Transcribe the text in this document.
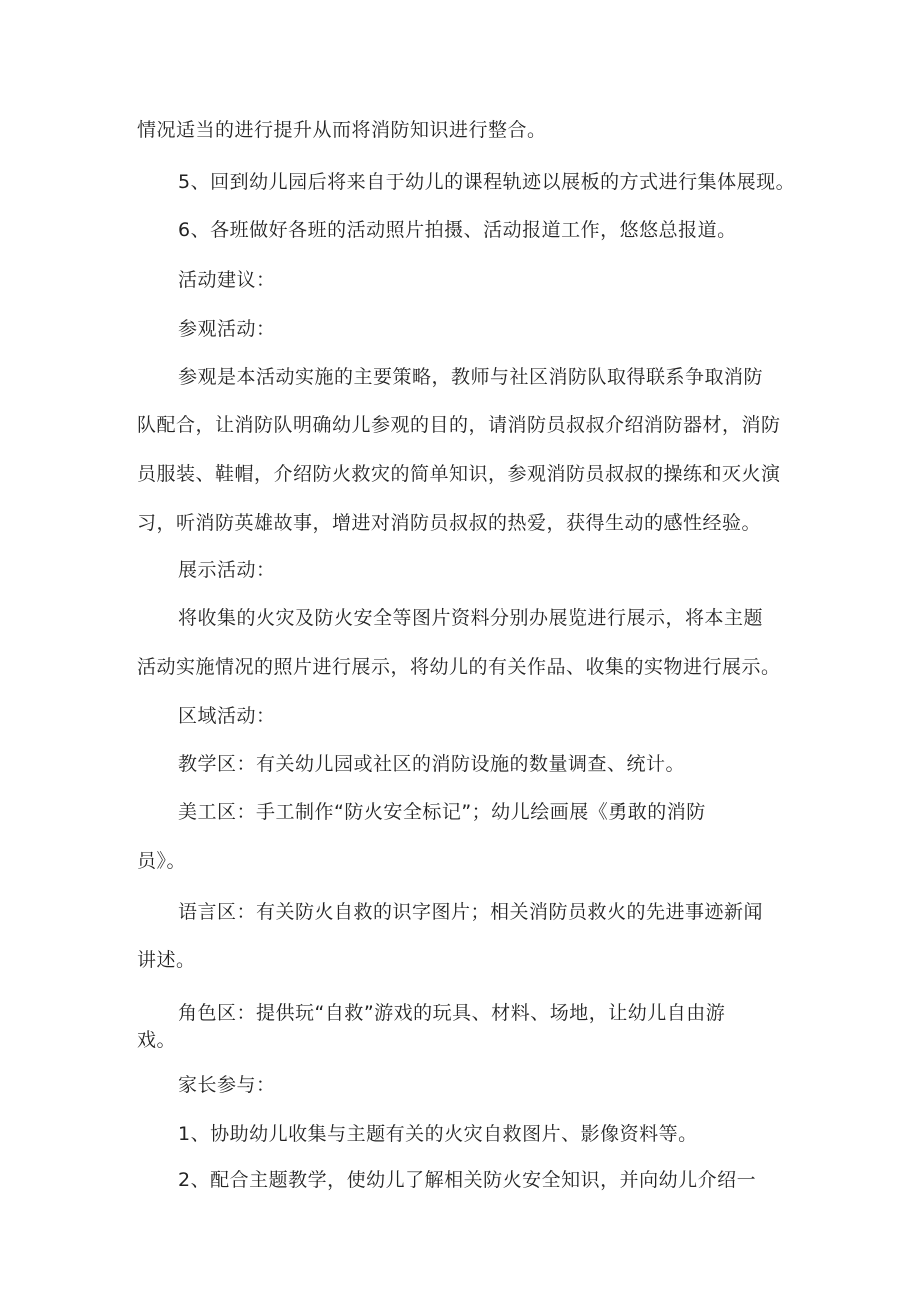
情况适当的进行提升从而将消防知识进行整合。
5、回到幼儿园后将来自于幼儿的课程轨迹以展板的方式进行集体展现。
6、各班做好各班的活动照片拍摄、活动报道工作，悠悠总报道。
活动建议：
参观活动：
参观是本活动实施的主要策略，教师与社区消防队取得联系争取消防
队配合，让消防队明确幼儿参观的目的，请消防员叔叔介绍消防器材，消防
员服装、鞋帽，介绍防火救灾的简单知识，参观消防员叔叔的操练和灭火演
习，听消防英雄故事，增进对消防员叔叔的热爱，获得生动的感性经验。
展示活动：
将收集的火灾及防火安全等图片资料分别办展览进行展示，将本主题
活动实施情况的照片进行展示，将幼儿的有关作品、收集的实物进行展示。
区域活动：
教学区：有关幼儿园或社区的消防设施的数量调查、统计。
美工区：手工制作“防火安全标记”；幼儿绘画展《勇敢的消防
员》。
语言区：有关防火自救的识字图片；相关消防员救火的先进事迹新闻
讲述。
角色区：提供玩“自救”游戏的玩具、材料、场地，让幼儿自由游
戏。
家长参与：
1、协助幼儿收集与主题有关的火灾自救图片、影像资料等。
2、配合主题教学，使幼儿了解相关防火安全知识，并向幼儿介绍一
